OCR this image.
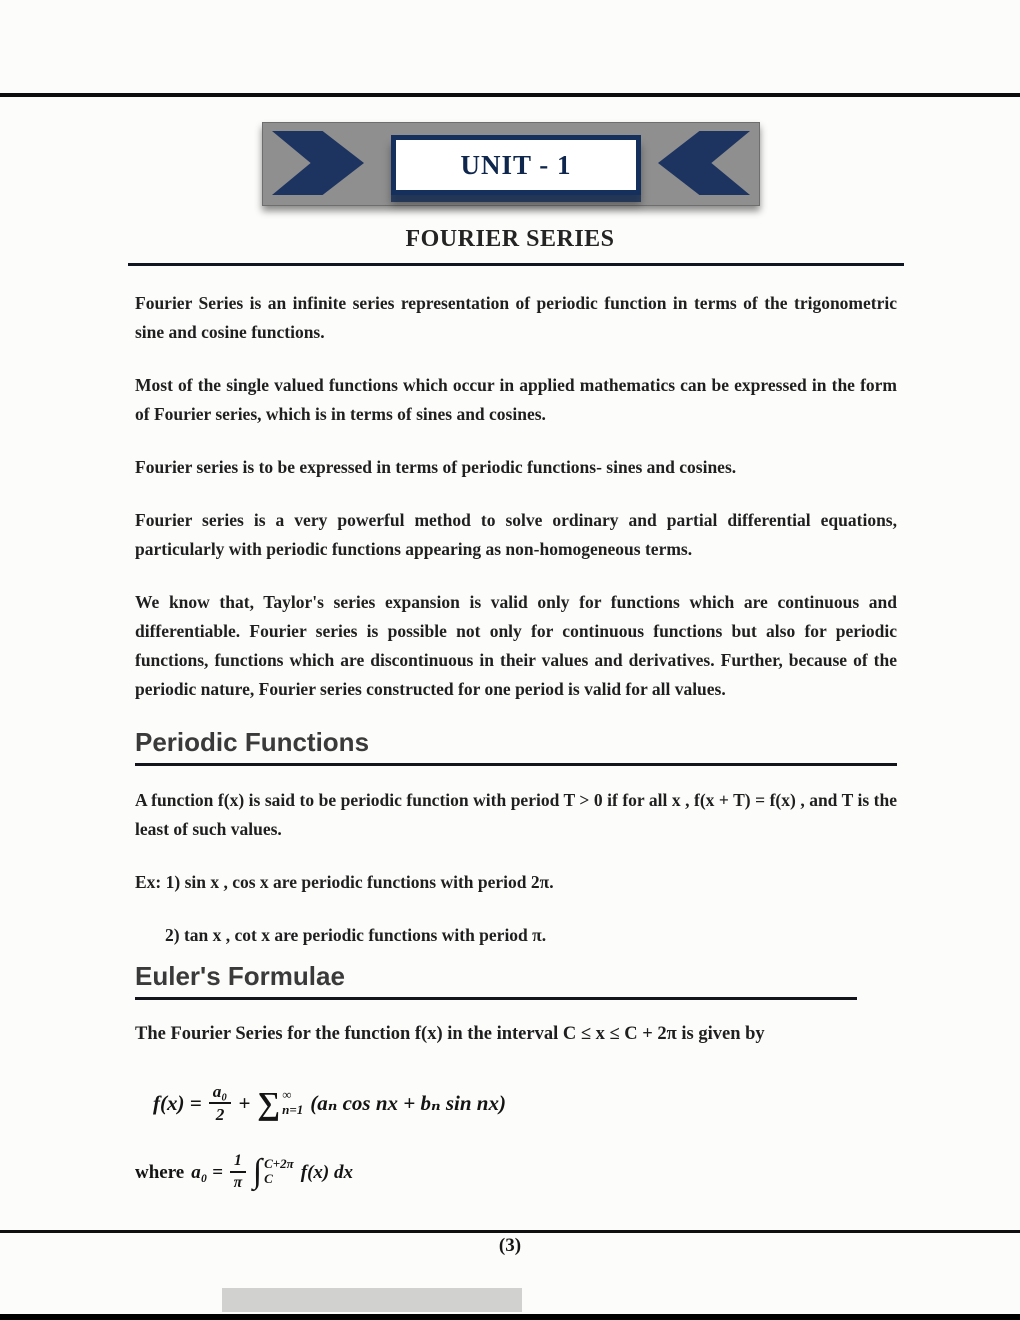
UNIT - 1
FOURIER SERIES

Fourier Series is an infinite series representation of periodic function in terms of the trigonometric sine and cosine functions.

Most of the single valued functions which occur in applied mathematics can be expressed in the form of Fourier series, which is in terms of sines and cosines.

Fourier series is to be expressed in terms of periodic functions- sines and cosines.

Fourier series is a very powerful method to solve ordinary and partial differential equations, particularly with periodic functions appearing as non-homogeneous terms.

We know that, Taylor's series expansion is valid only for functions which are continuous and differentiable. Fourier series is possible not only for continuous functions but also for periodic functions, functions which are discontinuous in their values and derivatives. Further, because of the periodic nature, Fourier series constructed for one period is valid for all values.

Periodic Functions

A function f(x) is said to be periodic function with period T > 0 if for all x , f(x + T) = f(x) , and T is the least of such values.

Ex: 1) sin x , cos x are periodic functions with period 2π.

2) tan x , cot x are periodic functions with period π.

Euler's Formulae

The Fourier Series for the function f(x) in the interval C ≤ x ≤ C + 2π is given by

$f(x) = \frac{\text{a₀}}{2}$ + ∑ ∞
n=1 (aₙ cos nx + bₙ sin nx)
where $a_0 = \frac{1}{\pi}$ ∫ C+2π
C f(x) dx
(3)
